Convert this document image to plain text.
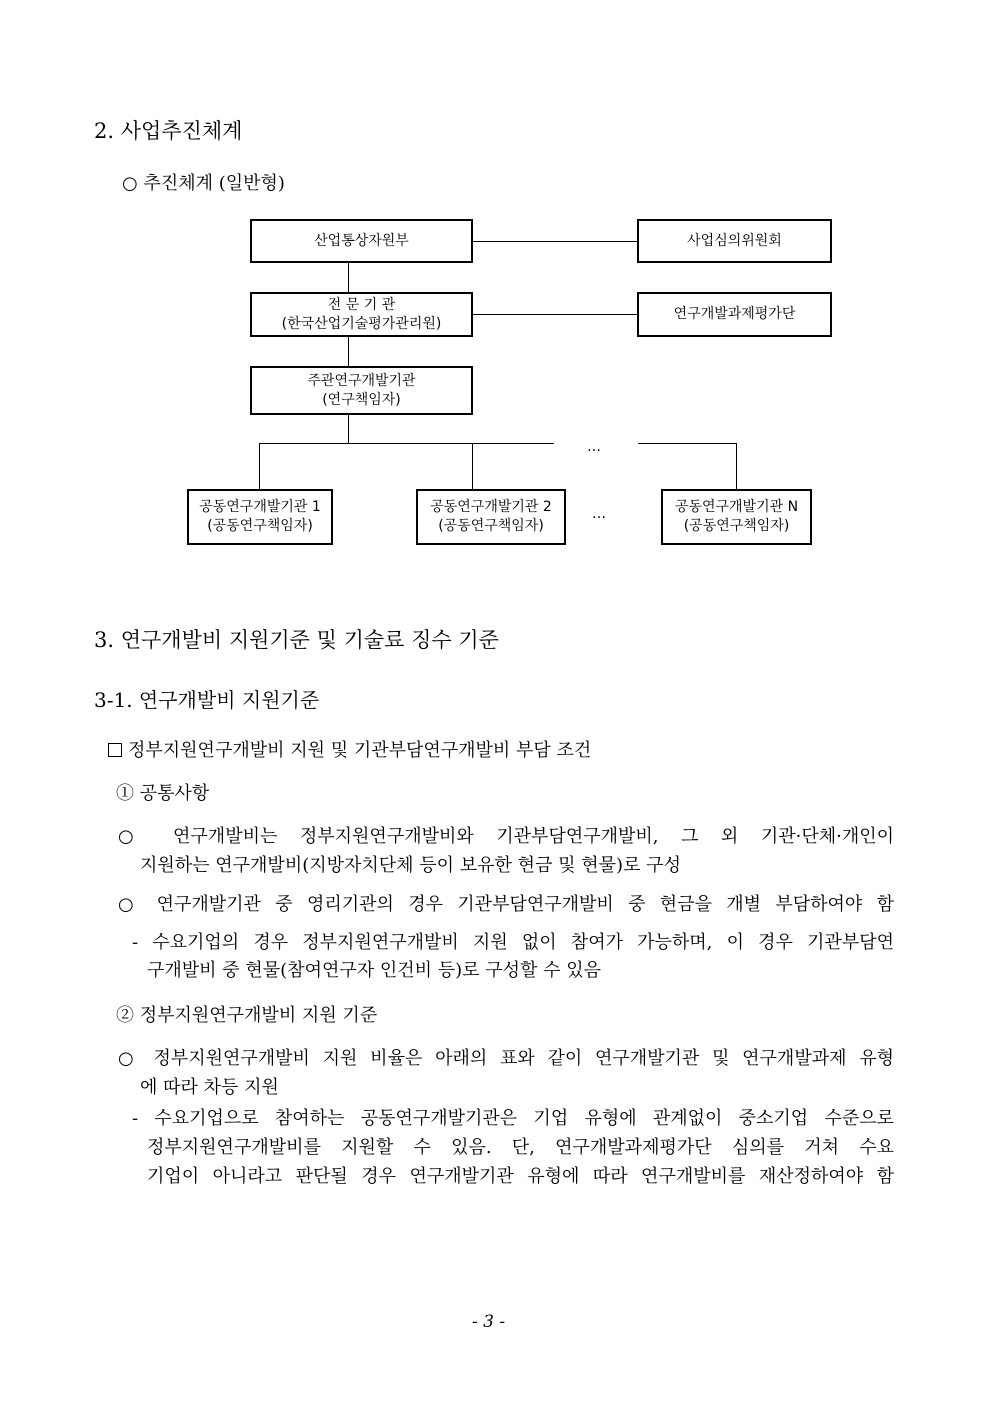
2. 사업추진체계
○ 추진체계 (일반형)
산업통상자원부	사업심의위원회
전 문 기 관
(한국산업기술평가관리원)
연구개발과제평가단
주관연구개발기관
(연구책임자)
공동연구개발기관 1
(공동연구책임자)
공동연구개발기관 2
(공동연구책임자)
공동연구개발기관 N
(공동연구책임자)
…
…
3. 연구개발비 지원기준 및 기술료 징수 기준
3-1. 연구개발비 지원기준
정부지원연구개발비 지원 및 기관부담연구개발비 부담 조건
① 공통사항
○ 연구개발비는 정부지원연구개발비와 기관부담연구개발비, 그 외 기관·단체·개인이
지원하는 연구개발비(지방자치단체 등이 보유한 현금 및 현물)로 구성
○ 연구개발기관 중 영리기관의 경우 기관부담연구개발비 중 현금을 개별 부담하여야 함
- 수요기업의 경우 정부지원연구개발비 지원 없이 참여가 가능하며, 이 경우 기관부담연
구개발비 중 현물(참여연구자 인건비 등)로 구성할 수 있음
② 정부지원연구개발비 지원 기준
○ 정부지원연구개발비 지원 비율은 아래의 표와 같이 연구개발기관 및 연구개발과제 유형
에 따라 차등 지원
- 수요기업으로 참여하는 공동연구개발기관은 기업 유형에 관계없이 중소기업 수준으로
정부지원연구개발비를 지원할 수 있음. 단, 연구개발과제평가단 심의를 거쳐 수요
기업이 아니라고 판단될 경우 연구개발기관 유형에 따라 연구개발비를 재산정하여야 함
- 3 -
